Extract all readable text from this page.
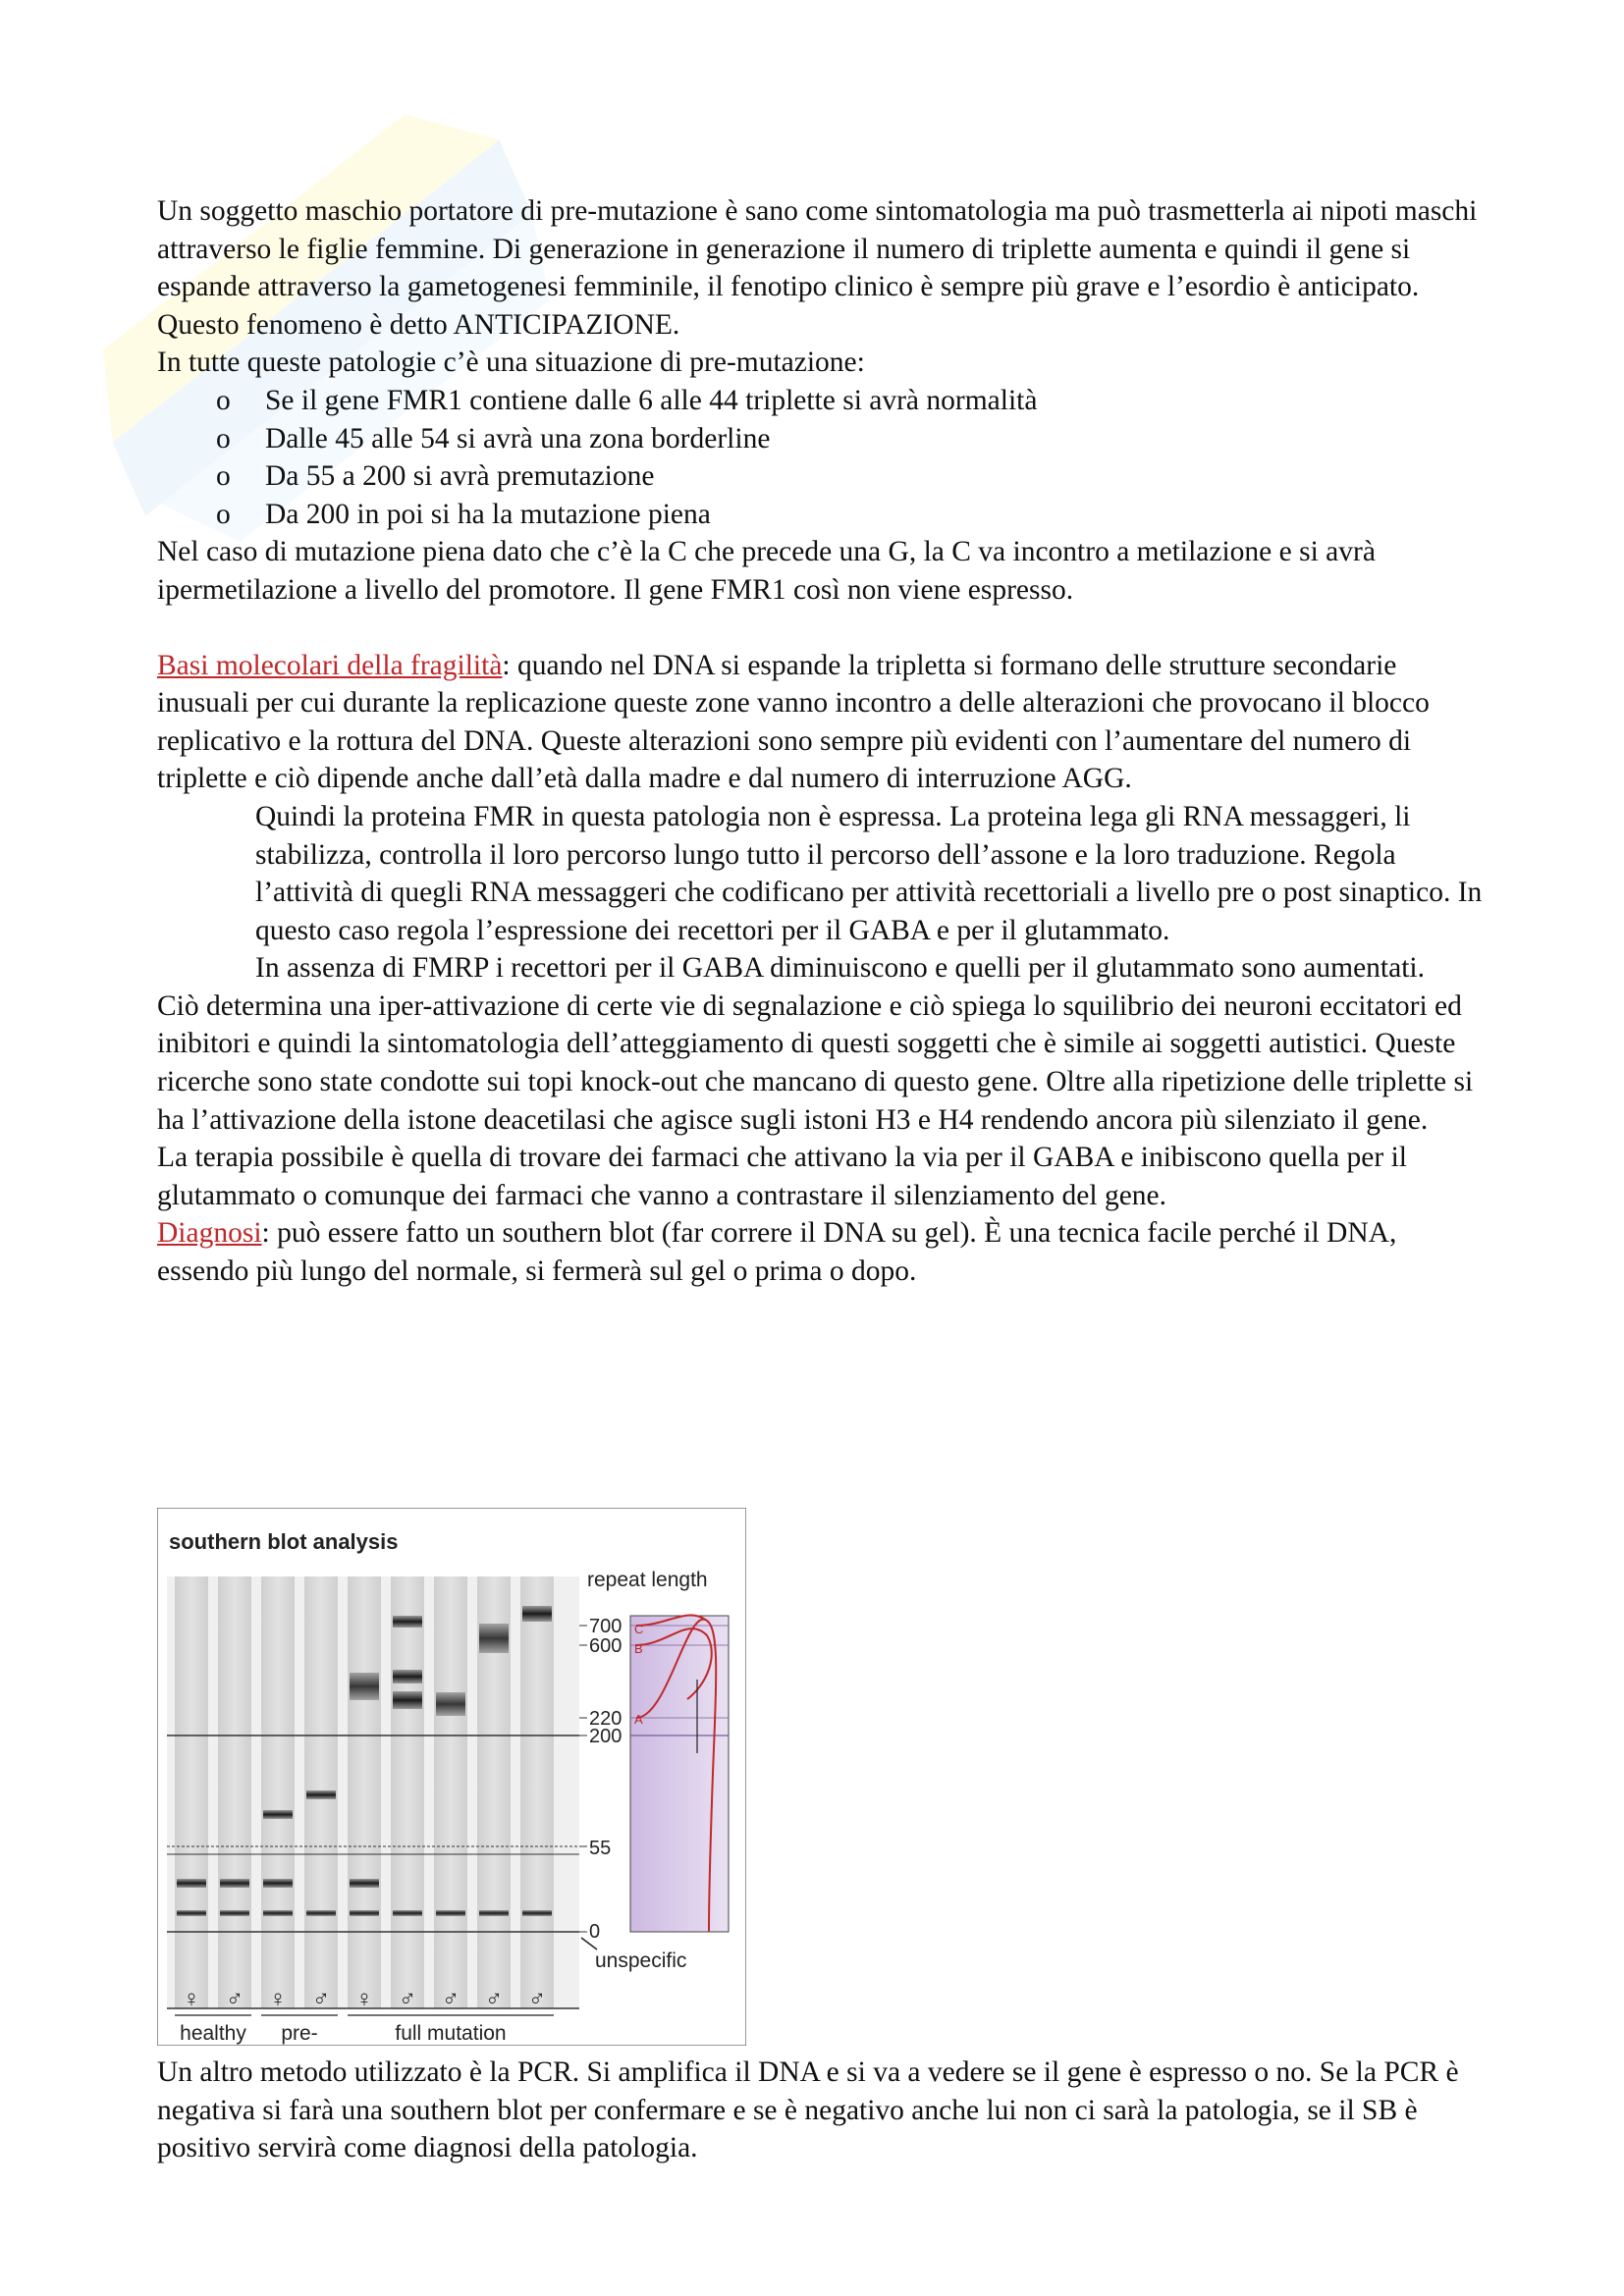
Un soggetto maschio portatore di pre-mutazione è sano come sintomatologia ma può trasmetterla ai nipoti maschi attraverso le figlie femmine. Di generazione in generazione il numero di triplette aumenta e quindi il gene si espande attraverso la gametogenesi femminile, il fenotipo clinico è sempre più grave e l’esordio è anticipato. Questo fenomeno è detto ANTICIPAZIONE.

In tutte queste patologie c’è una situazione di pre-mutazione:

o Se il gene FMR1 contiene dalle 6 alle 44 triplette si avrà normalità
o Dalle 45 alle 54 si avrà una zona borderline
o Da 55 a 200 si avrà premutazione
o Da 200 in poi si ha la mutazione piena

Nel caso di mutazione piena dato che c’è la C che precede una G, la C va incontro a metilazione e si avrà ipermetilazione a livello del promotore. Il gene FMR1 così non viene espresso.

Basi molecolari della fragilità: quando nel DNA si espande la tripletta si formano delle strutture secondarie inusuali per cui durante la replicazione queste zone vanno incontro a delle alterazioni che provocano il blocco replicativo e la rottura del DNA. Queste alterazioni sono sempre più evidenti con l’aumentare del numero di triplette e ciò dipende anche dall’età dalla madre e dal numero di interruzione AGG.

Quindi la proteina FMR in questa patologia non è espressa. La proteina lega gli RNA messaggeri, li stabilizza, controlla il loro percorso lungo tutto il percorso dell’assone e la loro traduzione. Regola l’attività di quegli RNA messaggeri che codificano per attività recettoriali a livello pre o post sinaptico. In questo caso regola l’espressione dei recettori per il GABA e per il glutammato.

In assenza di FMRP i recettori per il GABA diminuiscono e quelli per il glutammato sono aumentati.

Ciò determina una iper-attivazione di certe vie di segnalazione e ciò spiega lo squilibrio dei neuroni eccitatori ed inibitori e quindi la sintomatologia dell’atteggiamento di questi soggetti che è simile ai soggetti autistici. Queste ricerche sono state condotte sui topi knock-out che mancano di questo gene. Oltre alla ripetizione delle triplette si ha l’attivazione della istone deacetilasi che agisce sugli istoni H3 e H4 rendendo ancora più silenziato il gene.

La terapia possibile è quella di trovare dei farmaci che attivano la via per il GABA e inibiscono quella per il glutammato o comunque dei farmaci che vanno a contrastare il silenziamento del gene.

Diagnosi: può essere fatto un southern blot (far correre il DNA su gel). È una tecnica facile perché il DNA, essendo più lungo del normale, si fermerà sul gel o prima o dopo.

southern blot analysis
repeat length
700
600
220
200
55
0
C
B
A
unspecific
♀ ♂ ♀ ♂ ♀ ♂ ♂ ♂ ♂
healthy pre-	full mutation

Un altro metodo utilizzato è la PCR. Si amplifica il DNA e si va a vedere se il gene è espresso o no. Se la PCR è negativa si farà una southern blot per confermare e se è negativo anche lui non ci sarà la patologia, se il SB è positivo servirà come diagnosi della patologia.
